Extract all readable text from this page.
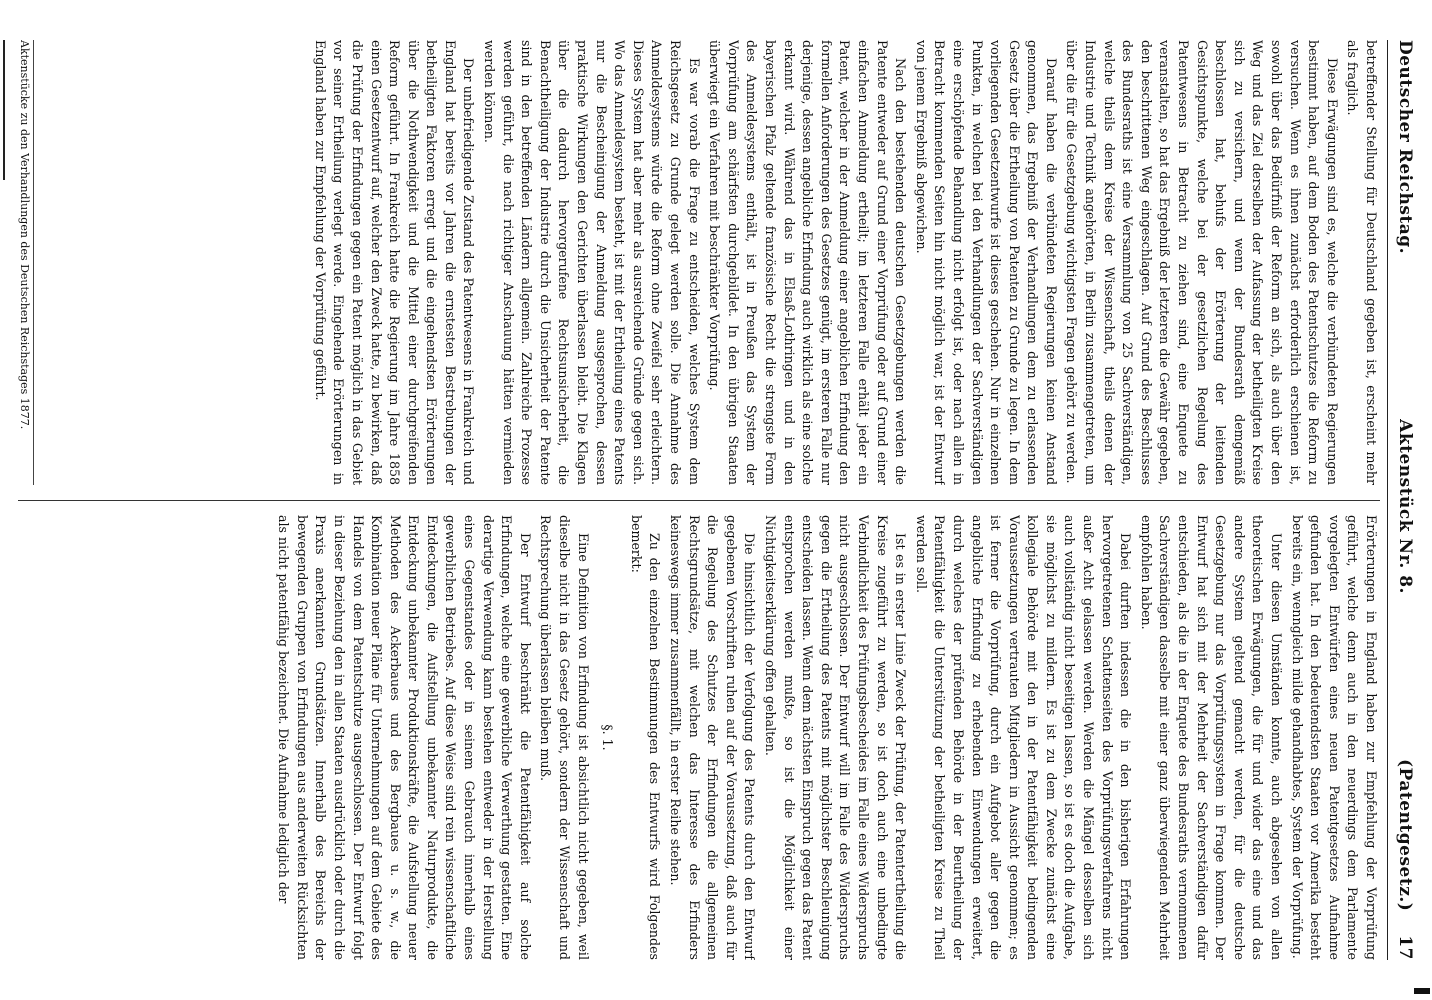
Deutscher Reichstag.
Aktenstück Nr. 8.
(Patentgesetz.)
17

betreffender Stellung für Deutschland gegeben ist, erscheint mehr als fraglich.

Diese Erwägungen sind es, welche die verbündeten Regierungen bestimmt haben, auf dem Boden des Patentschutzes die Reform zu versuchen. Wenn es ihnen zunächst erforderlich erschienen ist, sowohl über das Bedürfniß der Reform an sich, als auch über den Weg und das Ziel derselben der Aufassung der betheiligten Kreise sich zu versichern, und wenn der Bundesrath demgemäß beschlossen hat, behufs der Erörterung der leitenden Gesichtspunkte, welche bei der gesetzlichen Regelung des Patentwesens in Betracht zu ziehen sind, eine Enquete zu veranstalten, so hat das Ergebniß der letzteren die Gewähr gegeben, den beschrittenen Weg eingeschlagen. Auf Grund des Beschlusses des Bundesraths ist eine Versammlung von 25 Sachverständigen, welche theils dem Kreise der Wissenschaft, theils denen der Industrie und Technik angehörten, in Berlin zusammengetreten, um über die für die Gesetzgebung wichtigsten Fragen gehört zu werden.

Darauf haben die verbündeten Regierungen keinen Anstand genommen, das Ergebniß der Verhandlungen dem zu erlassenden Gesetz über die Ertheilung von Patenten zu Grunde zu legen. In dem vorliegenden Gesetzentwurfe ist dieses geschehen. Nur in einzelnen Punkten, in welchen bei den Verhandlungen der Sachverständigen eine erschöpfende Behandlung nicht erfolgt ist, oder nach allen in Betracht kommenden Seiten hin nicht möglich war, ist der Entwurf von jenem Ergebniß abgewichen.

Nach den bestehenden deutschen Gesetzgebungen werden die Patente entweder auf Grund einer Vorprüfung oder auf Grund einer einfachen Anmeldung ertheilt; im letzteren Falle erhält jeder ein Patent, welcher in der Anmeldung einer angeblichen Erfindung den formellen Anforderungen des Gesetzes genügt, im ersteren Falle nur derjenige, dessen angebliche Erfindung auch wirklich als eine solche erkannt wird. Während das in Elsaß-Lothringen und in den bayerischen Pfalz geltende französische Recht die strengste Form des Anmeldesystems enthält, ist in Preußen das System der Vorprüfung am schärfsten durchgebildet. In den übrigen Staaten überwiegt ein Verfahren mit beschränkter Vorprüfung.

Es war vorab die Frage zu entscheiden, welches System dem Reichsgesetz zu Grunde gelegt werden solle. Die Annahme des Anmeldesystems würde die Reform ohne Zweifel sehr erleichtern. Dieses System hat aber mehr als ausreichende Gründe gegen sich. Wo das Anmeldesystem besteht, ist mit der Ertheilung eines Patents nur die Bescheinigung der Anmeldung ausgesprochen, dessen praktische Wirkungen den Gerichten überlassen bleibt. Die Klagen über die dadurch hervorgerufene Rechtsunsicherheit, die Benachtheiligung der Industrie durch die Unsicherheit der Patente sind in den betreffenden Ländern allgemein. Zahlreiche Prozesse werden geführt, die nach richtiger Anschauung hätten vermieden werden können.

Der unbefriedigende Zustand des Patentwesens in Frankreich und England hat bereits vor Jahren die ernstesten Bestrebungen der betheiligten Faktoren erregt und die eingehendsten Erörterungen über die Nothwendigkeit und die Mittel einer durchgreifenden Reform geführt. In Frankreich hatte die Regierung im Jahre 1858 einen Gesetzentwurf auf, welcher den Zweck hatte, zu bewirken, daß die Prüfung der Erfindungen gegen ein Patent möglich in das Gebiet vor seiner Ertheilung verlegt werde. Eingehende Erörterungen in England haben zur Empfehlung der Vorprüfung geführt.

Aktenstücke zu den Verhandlungen des Deutschen Reichstages 1877.

Erörterungen in England haben zur Empfehlung der Vorprüfung geführt, welche denn auch in den neuerdings dem Parlamente vorgelegten Entwürfen eines neuen Patentgesetzes Aufnahme gefunden hat. In den bedeutendsten Staaten vor Amerika besteht bereits ein, wenngleich milde gehandhabtes, System der Vorprüfung.

Unter diesen Umständen konnte, auch abgesehen von allen theoretischen Erwägungen, die für und wider das eine und das andere System geltend gemacht werden, für die deutsche Gesetzgebung nur das Vorprüfungssystem in Frage kommen. Der Entwurf hat sich mit der Mehrheit der Sachverständigen dafür entschieden, als die in der Enquete des Bundesraths vernommenen Sachverständigen dasselbe mit einer ganz überwiegenden Mehrheit empfohlen haben.

Dabei durften indessen die in den bisherigen Erfahrungen hervorgetretenen Schattenseiten des Vorprüfungsverfahrens nicht außer Acht gelassen werden. Werden die Mängel desselben sich auch vollständig nicht beseitigen lassen, so ist es doch die Aufgabe, sie möglichst zu mildern. Es ist zu dem Zwecke zunächst eine kollegiale Behörde mit den in der Patentfähigkeit bedingenden Voraussetzungen vertrauten Mitgliedern in Aussicht genommen; es ist ferner die Vorprüfung, durch ein Aufgebot aller gegen die angebliche Erfindung zu erhebenden Einwendungen erweitert, durch welches der prüfenden Behörde in der Beurtheilung der Patentfähigkeit die Unterstützung der betheiligten Kreise zu Theil werden soll.

Ist es in erster Linie Zweck der Prüfung, der Patentertheilung die Kreise zugeführt zu werden, so ist doch auch eine unbedingte Verbindlichkeit des Prüfungsbescheides im Falle eines Widerspruchs nicht ausgeschlossen. Der Entwurf will im Falle des Widerspruchs gegen die Ertheilung des Patents mit möglichster Beschleunigung entscheiden lassen. Wenn dem nächsten Einspruch gegen das Patent entsprochen werden mußte, so ist die Möglichkeit einer Nichtigkeitserklärung offen gehalten.

Die hinsichtlich der Verfolgung des Patents durch den Entwurf gegebenen Vorschriften ruhen auf der Voraussetzung, daß auch für die Regelung des Schutzes der Erfindungen die allgemeinen Rechtsgrundsätze, mit welchen das Interesse des Erfinders keineswegs immer zusammenfällt, in erster Reihe stehen.

Zu den einzelnen Bestimmungen des Entwurfs wird Folgendes bemerkt:

§. 1.

Eine Definition von Erfindung ist absichtlich nicht gegeben, weil dieselbe nicht in das Gesetz gehört, sondern der Wissenschaft und Rechtsprechung überlassen bleiben muß.

Der Entwurf beschränkt die Patentfähigkeit auf solche Erfindungen, welche eine gewerbliche Verwerthung gestatten. Eine derartige Verwendung kann bestehen entweder in der Herstellung eines Gegenstandes oder in seinem Gebrauch innerhalb eines gewerblichen Betriebes. Auf diese Weise sind rein wissenschaftliche Entdeckungen, die Aufstellung unbekannter Naturprodukte, die Entdeckung unbekannter Produktionskräfte, die Aufstellung neuer Methoden des Ackerbaues und des Bergbaues u. s. w., die Kombination neuer Pläne für Unternehmungen auf dem Gebiete des Handels von dem Patentschutze ausgeschlossen. Der Entwurf folgt in dieser Beziehung den in allen Staaten ausdrücklich oder durch die Praxis anerkannten Grundsätzen. Innerhalb des Bereichs der bewegenden Gruppen von Erfindungen aus anderweiten Rücksichten als nicht patentfähig bezeichnet. Die Aufnahme lediglich der
